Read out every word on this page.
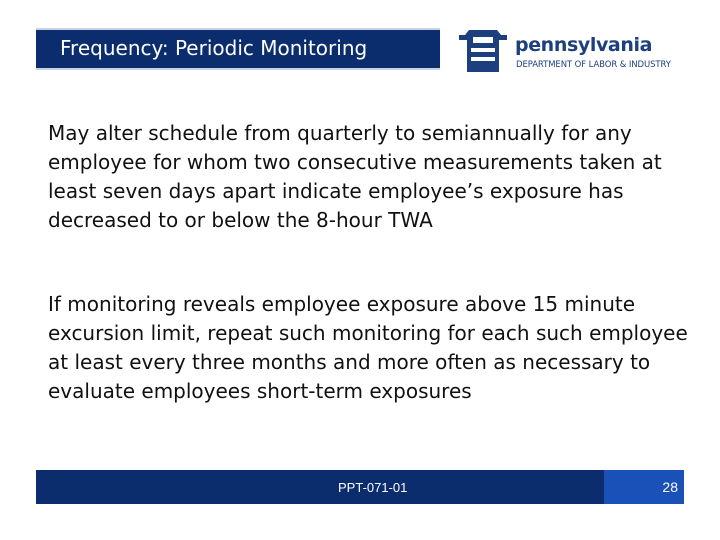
Frequency: Periodic Monitoring	pennsylvania
DEPARTMENT OF LABOR & INDUSTRY

May alter schedule from quarterly to semiannually for any employee for whom two consecutive measurements taken at least seven days apart indicate employee’s exposure has decreased to or below the 8-hour TWA

If monitoring reveals employee exposure above 15 minute excursion limit, repeat such monitoring for each such employee at least every three months and more often as necessary to evaluate employees short-term exposures

PPT-071-01	28
